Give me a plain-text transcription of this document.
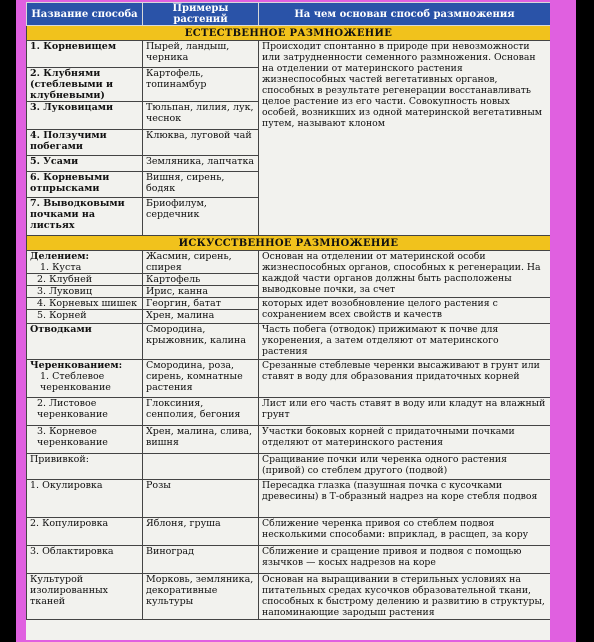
Название способа	Примеры растений	На чем основан способ размножения
ЕСТЕСТВЕННОЕ РАЗМНОЖЕНИЕ		
1. Корневищем	Пырей, ландыш, черника	Происходит спонтанно в природе при невозможности или затрудненности семенного размножения. Основан на отделении от материнского растения жизнеспособных частей вегетативных органов, способных в результате регенерации восстанавливать целое растение из его части. Совокупность новых особей, возникших из одной материнской вегетативным путем, называют клоном
2. Клубнями (стеблевыми и клубневыми)	Картофель, топинамбур	
3. Луковицами	Тюльпан, лилия, лук, чеснок	
4. Ползучими побегами	Клюква, луговой чай	
5. Усами	Земляника, лапчатка	
6. Корневыми отпрысками	Вишня, сирень, бодяк	
7. Выводковыми почками на листьях	Бриофилум, сердечник	
ИСКУССТВЕННОЕ РАЗМНОЖЕНИЕ		

Делением:
1. Куста	Жасмин, сирень, спирея	Основан на отделении от материнской особи жизнеспособных органов, способных к регенерации. На каждой части органов должны быть расположены выводковые почки, за счет
2. Клубней	Картофель	
3. Луковиц	Ирис, канна	
4. Корневых шишек	Георгин, батат	которых идет возобновление целого растения с сохранением всех свойств и качеств
5. Корней	Хрен, малина	
Отводками	Смородина, крыжовник, калина	Часть побега (отводок) прижимают к почве для укоренения, а затем отделяют от материнского растения

Черенкованием:
1. Стеблевое черенкование	Смородина, роза, сирень, комнатные растения	Срезанные стеблевые черенки высаживают в грунт или ставят в воду для образования придаточных корней
2. Листовое черенкование	Глоксиния, сенполия, бегония	Лист или его часть ставят в воду или кладут на влажный грунт
3. Корневое черенкование	Хрен, малина, слива, вишня	Участки боковых корней с придаточными почками отделяют от материнского растения
Прививкой:		Сращивание почки или черенка одного растения (привой) со стеблем другого (подвой)
1. Окулировка	Розы	Пересадка глазка (пазушная почка с кусочками древесины) в Т-образный надрез на коре стебля подвоя
2. Копулировка	Яблоня, груша	Сближение черенка привоя со стеблем подвоя несколькими способами: вприклад, в расщеп, за кору
3. Облактировка	Виноград	Сближение и сращение привоя и подвоя с помощью язычков — косых надрезов на коре
Культурой изолированных тканей	Морковь, земляника, декоративные культуры	Основан на выращивании в стерильных условиях на питательных средах кусочков образовательной ткани, способных к быстрому делению и развитию в структуры, напоминающие зародыш растения
